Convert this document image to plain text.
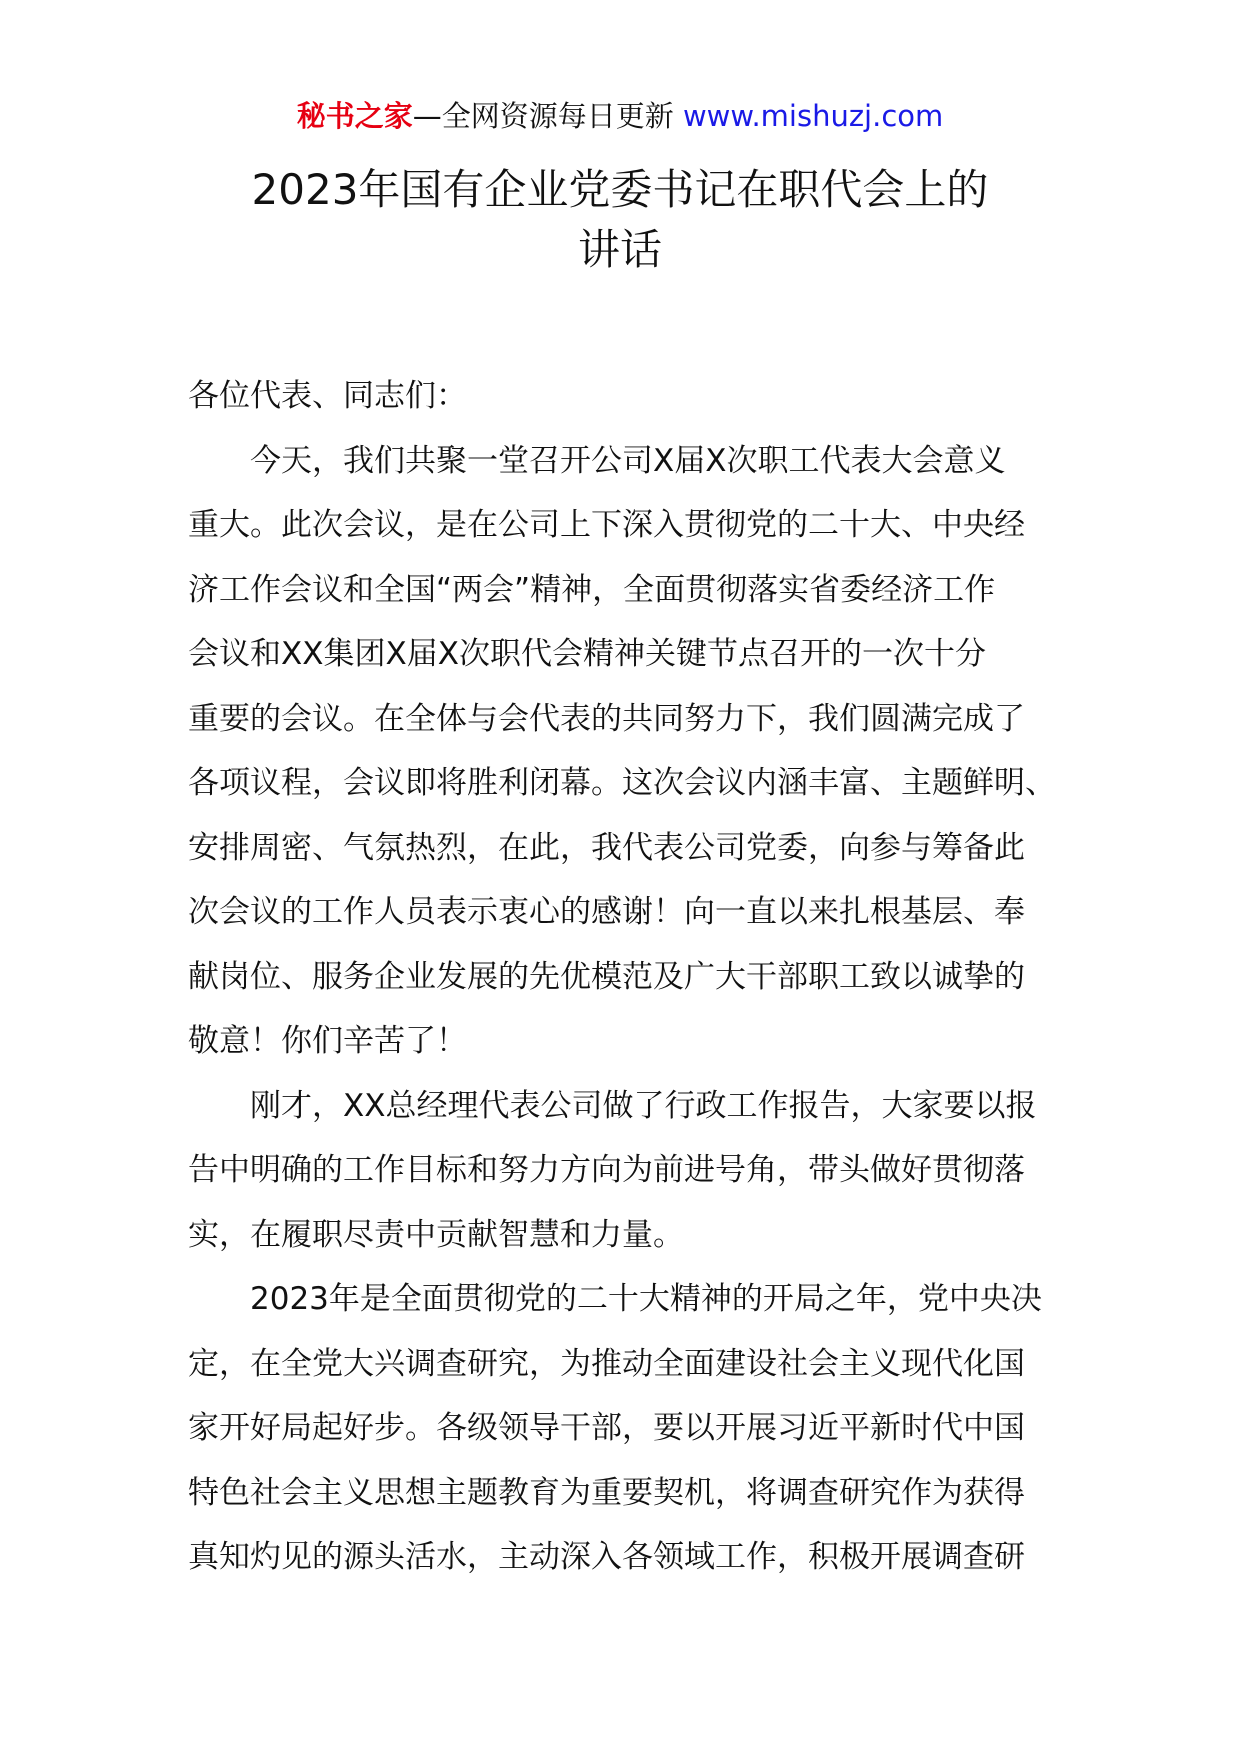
秘书之家—全网资源每日更新 www.mishuzj.com
2023年国有企业党委书记在职代会上的
讲话
各位代表、同志们：
今天，我们共聚一堂召开公司X届X次职工代表大会意义
重大。此次会议，是在公司上下深入贯彻党的二十大、中央经
济工作会议和全国“两会”精神，全面贯彻落实省委经济工作
会议和XX集团X届X次职代会精神关键节点召开的一次十分
重要的会议。在全体与会代表的共同努力下，我们圆满完成了
各项议程，会议即将胜利闭幕。这次会议内涵丰富、主题鲜明、
安排周密、气氛热烈，在此，我代表公司党委，向参与筹备此
次会议的工作人员表示衷心的感谢！向一直以来扎根基层、奉
献岗位、服务企业发展的先优模范及广大干部职工致以诚挚的
敬意！你们辛苦了！
刚才，XX总经理代表公司做了行政工作报告，大家要以报
告中明确的工作目标和努力方向为前进号角，带头做好贯彻落
实，在履职尽责中贡献智慧和力量。
2023年是全面贯彻党的二十大精神的开局之年，党中央决
定，在全党大兴调查研究，为推动全面建设社会主义现代化国
家开好局起好步。各级领导干部，要以开展习近平新时代中国
特色社会主义思想主题教育为重要契机，将调查研究作为获得
真知灼见的源头活水，主动深入各领域工作，积极开展调查研
